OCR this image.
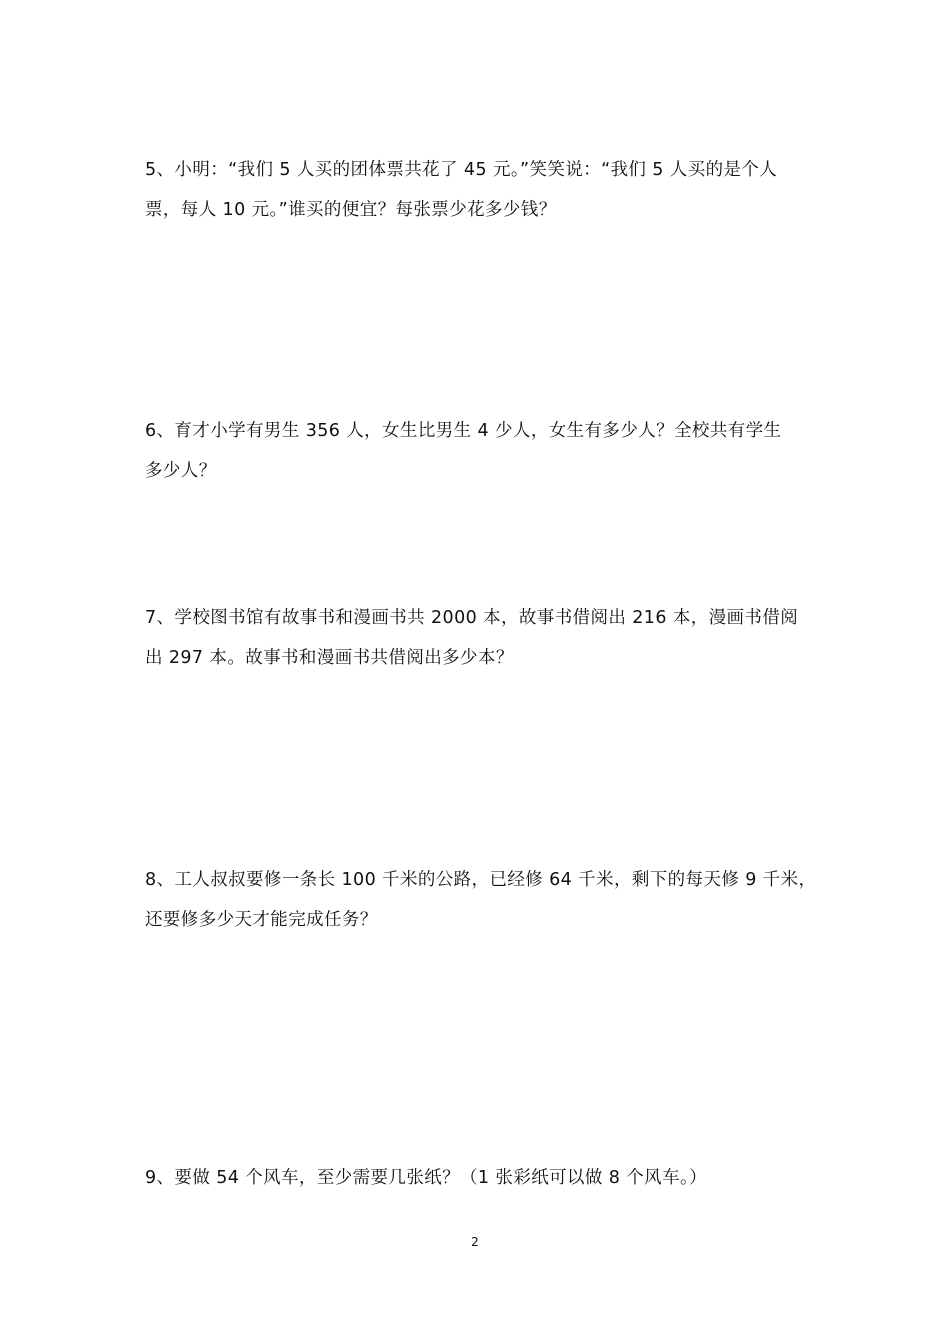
5、小明：“我们 5 人买的团体票共花了 45 元。”笑笑说：“我们 5 人买的是个人

票，每人 10 元。”谁买的便宜？每张票少花多少钱？

6、育才小学有男生 356 人，女生比男生 4 少人，女生有多少人？全校共有学生

多少人？

7、学校图书馆有故事书和漫画书共 2000 本，故事书借阅出 216 本，漫画书借阅

出 297 本。故事书和漫画书共借阅出多少本？

8、工人叔叔要修一条长 100 千米的公路，已经修 64 千米，剩下的每天修 9 千米，

还要修多少天才能完成任务？

9、要做 54 个风车，至少需要几张纸？（1 张彩纸可以做 8 个风车。）

2
